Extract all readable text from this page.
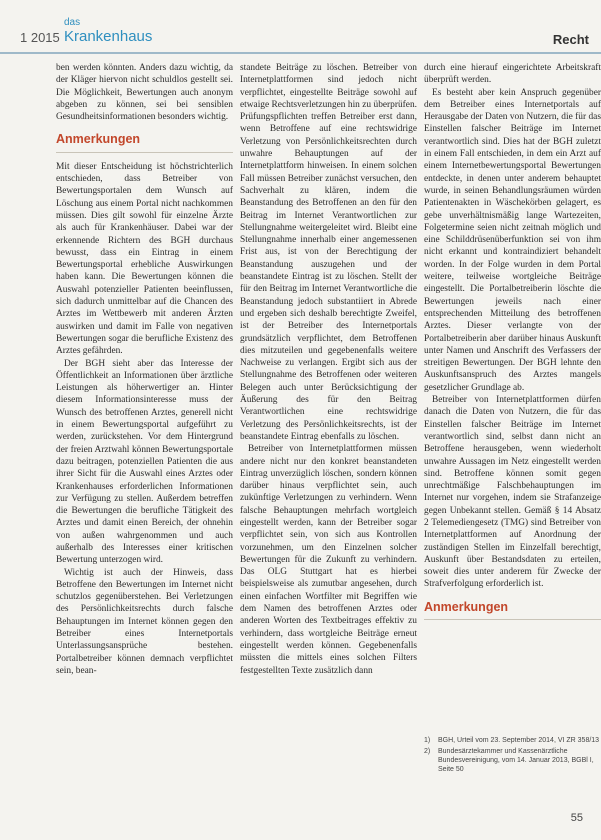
1 2015
das
Krankenhaus	Recht

ben werden könnten. Anders dazu wichtig, da der Kläger hiervon nicht schuldlos gestellt sei. Die Möglichkeit, Bewertungen auch anonym abgeben zu können, sei bei sensiblen Gesundheitsinformationen besonders wichtig.

Anmerkungen

Mit dieser Entscheidung ist höchstrichterlich entschieden, dass Betreiber von Bewertungsportalen dem Wunsch auf Löschung aus einem Portal nicht nachkommen müssen. Dies gilt sowohl für einzelne Ärzte als auch für Krankenhäuser. Dabei war der erkennende Richtern des BGH durchaus bewusst, dass ein Eintrag in einem Bewertungsportal erhebliche Auswirkungen haben kann. Die Bewertungen können die Auswahl potenzieller Patienten beeinflussen, sich dadurch unmittelbar auf die Chancen des Arztes im Wettbewerb mit anderen Ärzten auswirken und damit im Falle von negativen Bewertungen sogar die berufliche Existenz des Arztes gefährden.

Der BGH sieht aber das Interesse der Öffentlichkeit an Informationen über ärztliche Leistungen als höherwertiger an. Hinter diesem Informationsinteresse muss der Wunsch des betroffenen Arztes, generell nicht in einem Bewertungsportal aufgeführt zu werden, zurückstehen. Vor dem Hintergrund der freien Arztwahl können Bewertungsportale dazu beitragen, potenziellen Patienten die aus ihrer Sicht für die Auswahl eines Arztes oder Krankenhauses erforderlichen Informationen zur Verfügung zu stellen. Außerdem betreffen die Bewertungen die berufliche Tätigkeit des Arztes und damit einen Bereich, der ohnehin von außen wahrgenommen und auch außerhalb des Interesses einer kritischen Bewertung unterzogen wird.

Wichtig ist auch der Hinweis, dass Betroffene den Bewertungen im Internet nicht schutzlos gegenüberstehen. Bei Verletzungen des Persönlichkeitsrechts durch falsche Behauptungen im Internet können gegen den Betreiber eines Internetportals Unterlassungsansprüche bestehen. Portalbetreiber können demnach verpflichtet sein, bean-

standete Beiträge zu löschen. Betreiber von Internetplattformen sind jedoch nicht verpflichtet, eingestellte Beiträge sowohl auf etwaige Rechtsverletzungen hin zu überprüfen. Prüfungspflichten treffen Betreiber erst dann, wenn Betroffene auf eine rechtswidrige Verletzung von Persönlichkeitsrechten durch unwahre Behauptungen auf der Internetplattform hinweisen. In einem solchen Fall müssen Betreiber zunächst versuchen, den Sachverhalt zu klären, indem die Beanstandung des Betroffenen an den für den Beitrag im Internet Verantwortlichen zur Stellungnahme weitergeleitet wird. Bleibt eine Stellungnahme innerhalb einer angemessenen Frist aus, ist von der Berechtigung der Beanstandung auszugehen und der beanstandete Eintrag ist zu löschen. Stellt der für den Beitrag im Internet Verantwortliche die Beanstandung jedoch substantiiert in Abrede und ergeben sich deshalb berechtigte Zweifel, ist der Betreiber des Internetportals grundsätzlich verpflichtet, dem Betroffenen dies mitzuteilen und gegebenenfalls weitere Nachweise zu verlangen. Ergibt sich aus der Stellungnahme des Betroffenen oder weiteren Belegen auch unter Berücksichtigung der Äußerung des für den Beitrag Verantwortlichen eine rechtswidrige Verletzung des Persönlichkeitsrechts, ist der beanstandete Eintrag ebenfalls zu löschen.

Betreiber von Internetplattformen müssen andere nicht nur den konkret beanstandeten Eintrag unverzüglich löschen, sondern können darüber hinaus verpflichtet sein, auch zukünftige Verletzungen zu verhindern. Wenn falsche Behauptungen mehrfach wortgleich eingestellt werden, kann der Betreiber sogar verpflichtet sein, von sich aus Kontrollen vorzunehmen, um den Einzelnen solcher Bewertungen für die Zukunft zu verhindern. Das OLG Stuttgart hat es hierbei beispielsweise als zumutbar angesehen, durch einen einfachen Wortfilter mit Begriffen wie dem Namen des betroffenen Arztes oder anderen Worten des Textbeitrages effektiv zu verhindern, dass wortgleiche Beiträge erneut eingestellt werden können. Gegebenenfalls müssten die mittels eines solchen Filters festgestellten Texte zusätzlich dann

durch eine hierauf eingerichtete Arbeitskraft überprüft werden.

Es besteht aber kein Anspruch gegenüber dem Betreiber eines Internetportals auf Herausgabe der Daten von Nutzern, die für das Einstellen falscher Beiträge im Internet verantwortlich sind. Dies hat der BGH zuletzt in einem Fall entschieden, in dem ein Arzt auf einem Internetbewertungsportal Bewertungen entdeckte, in denen unter anderem behauptet wurde, in seinen Behandlungsräumen würden Patientenakten in Wäschekörben gelagert, es gebe unverhältnismäßig lange Wartezeiten, Folgetermine seien nicht zeitnah möglich und eine Schilddrüsenüberfunktion sei von ihm nicht erkannt und kontraindiziert behandelt worden. In der Folge wurden in dem Portal weitere, teilweise wortgleiche Beiträge eingestellt. Die Portalbetreiberin löschte die Bewertungen jeweils nach einer entsprechenden Mitteilung des betroffenen Arztes. Dieser verlangte von der Portalbetreiberin aber darüber hinaus Auskunft unter Namen und Anschrift des Verfassers der streitigen Bewertungen. Der BGH lehnte den Auskunftsanspruch des Arztes mangels gesetzlicher Grundlage ab.

Betreiber von Internetplattformen dürfen danach die Daten von Nutzern, die für das Einstellen falscher Beiträge im Internet verantwortlich sind, selbst dann nicht an Betroffene herausgeben, wenn wiederholt unwahre Aussagen im Netz eingestellt werden sind. Betroffene können somit gegen unrechtmäßige Falschbehauptungen im Internet nur vorgehen, indem sie Strafanzeige gegen Unbekannt stellen. Gemäß § 14 Absatz 2 Telemediengesetz (TMG) sind Betreiber von Internetplattformen auf Anordnung der zuständigen Stellen im Einzelfall berechtigt, Auskunft über Bestandsdaten zu erteilen, soweit dies unter anderem für Zwecke der Strafverfolgung erforderlich ist.

Anmerkungen
1)	BGH, Urteil vom 23. September 2014, VI ZR 358/13
2)	Bundesärztekammer und Kassenärztliche Bundesvereinigung, vom 14. Januar 2013, BGBl I, Seite 50
55
